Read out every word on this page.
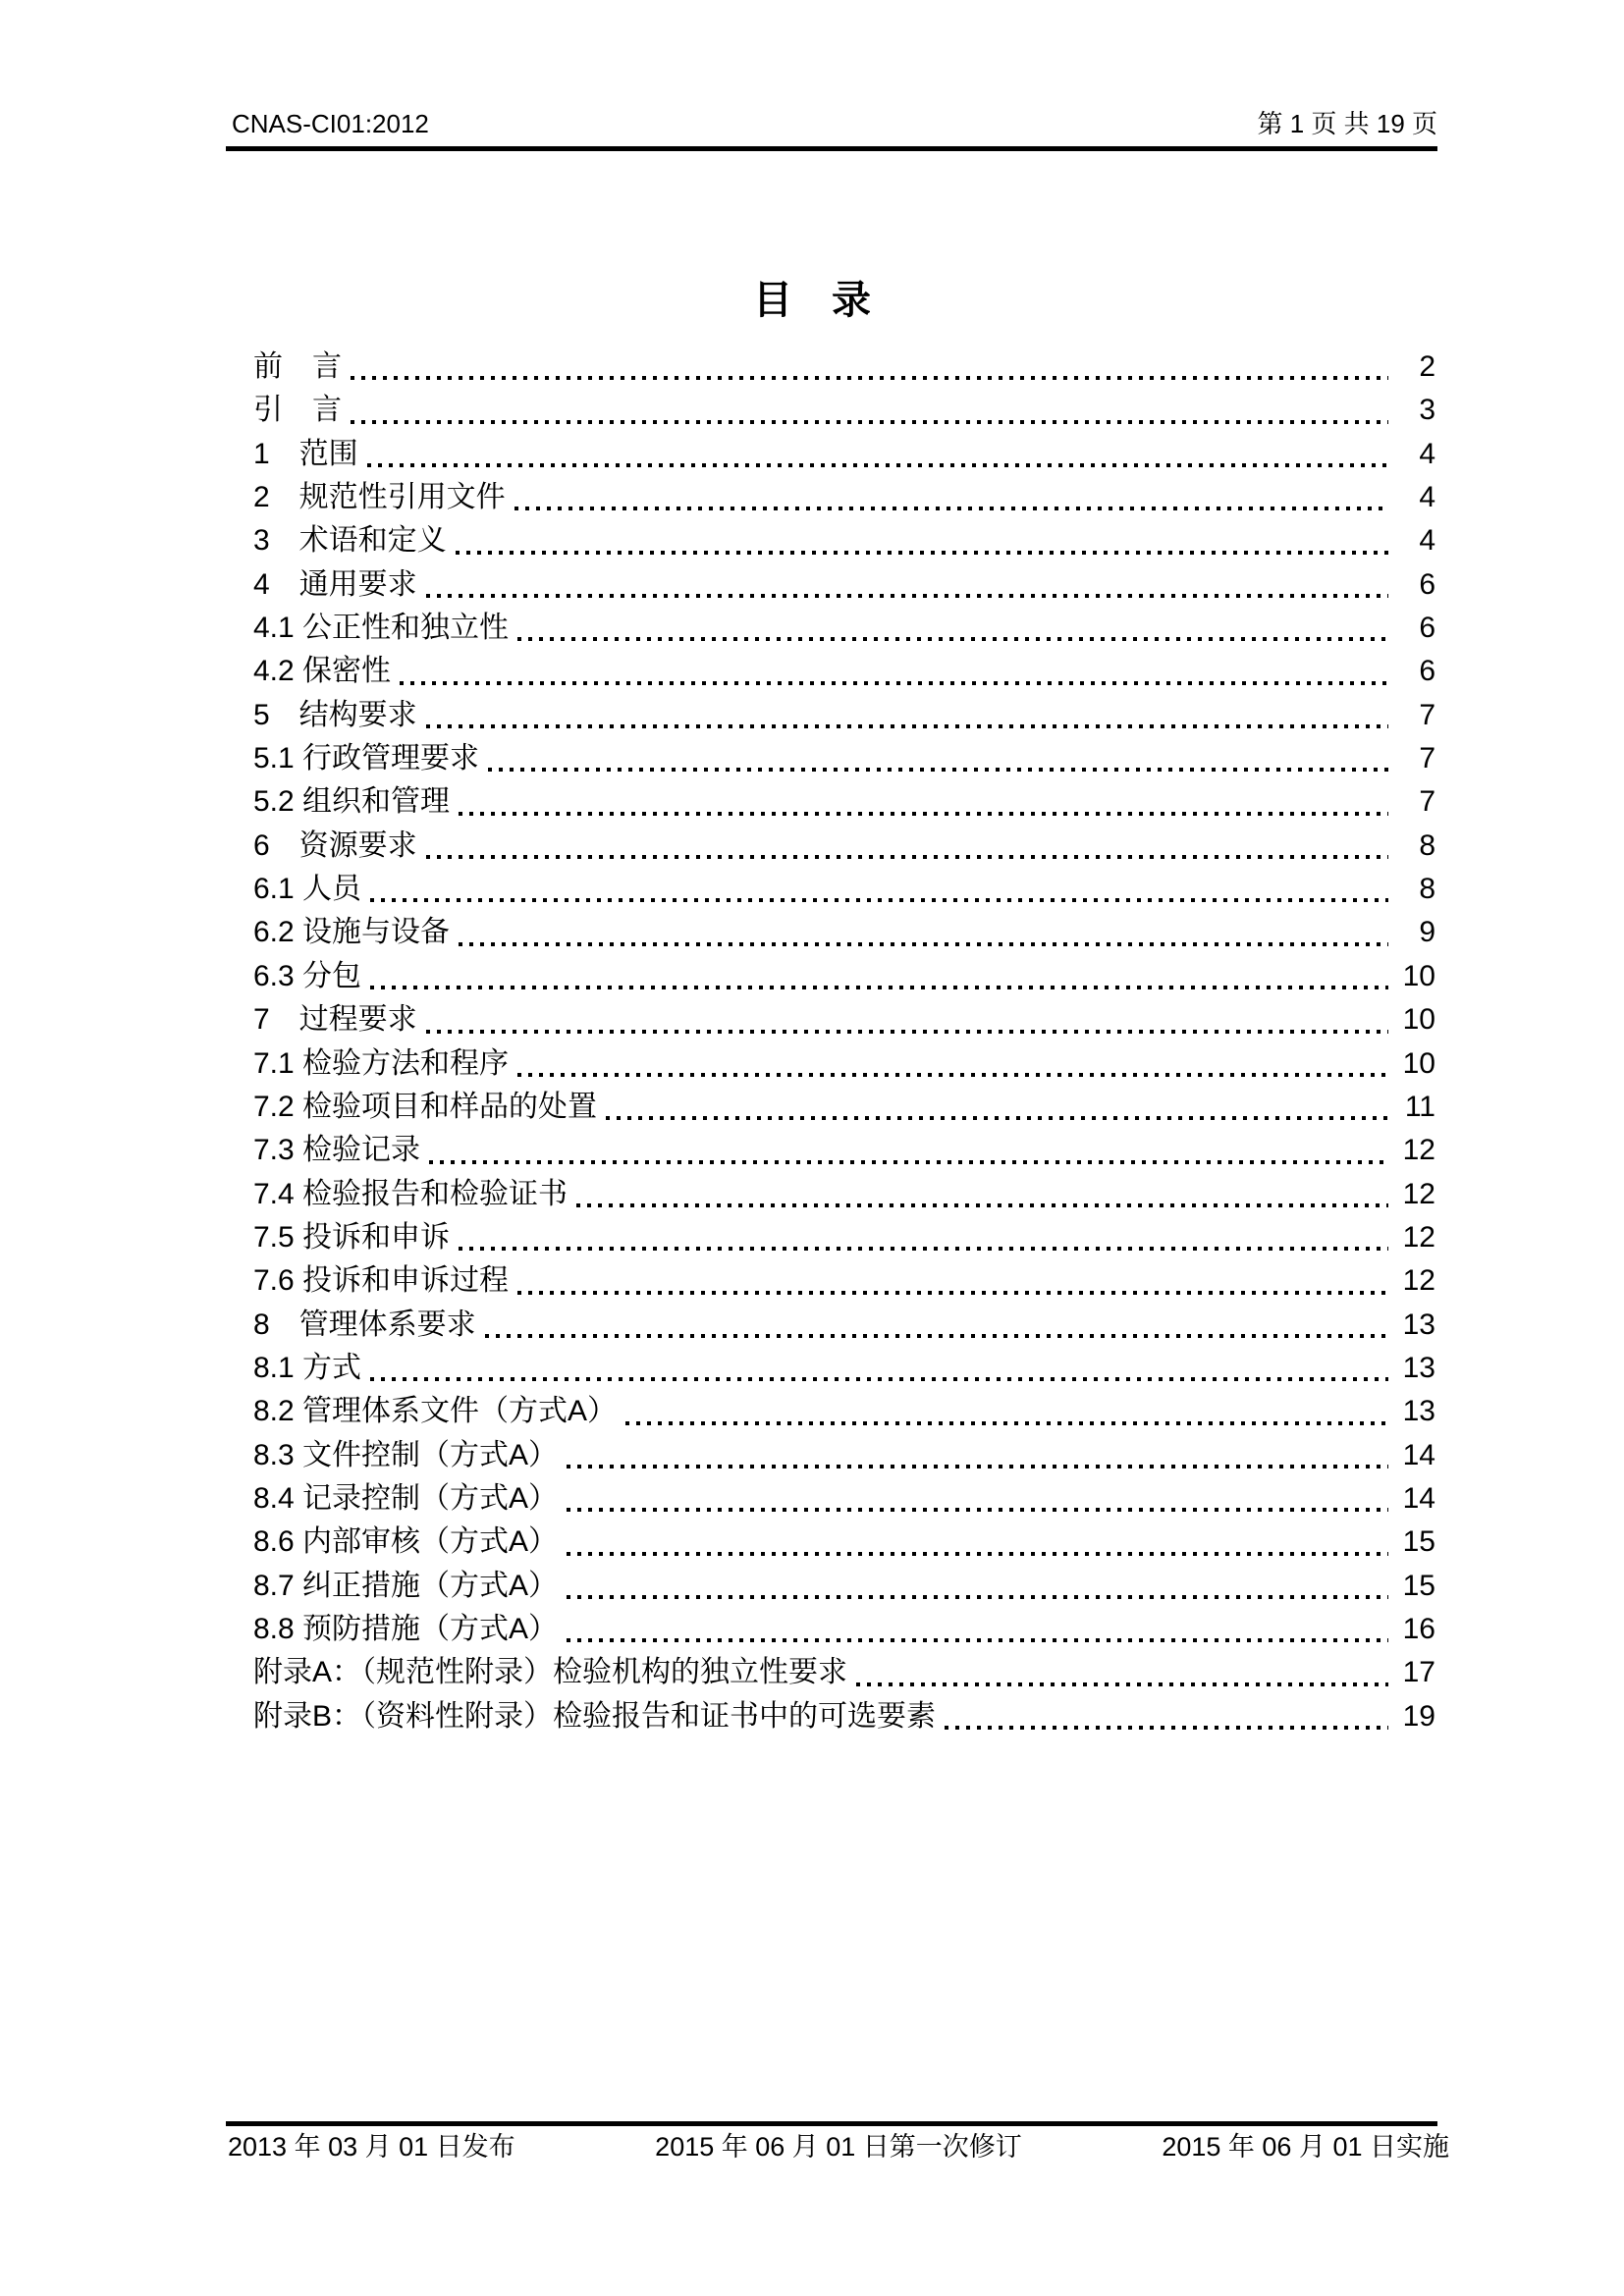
CNAS-CI01:2012	第 1 页 共 19 页
目　录
前　言	2
引　言	3
1　范围	4
2　规范性引用文件	4
3　术语和定义	4
4　通用要求	6
4.1 公正性和独立性	6
4.2 保密性	6
5　结构要求	7
5.1 行政管理要求	7
5.2 组织和管理	7
6　资源要求	8
6.1 人员	8
6.2 设施与设备	9
6.3 分包	10
7　过程要求	10
7.1 检验方法和程序	10
7.2 检验项目和样品的处置	11
7.3 检验记录	12
7.4 检验报告和检验证书	12
7.5 投诉和申诉	12
7.6 投诉和申诉过程	12
8　管理体系要求	13
8.1 方式	13
8.2 管理体系文件（方式A）	13
8.3 文件控制（方式A）	14
8.4 记录控制（方式A）	14
8.6 内部审核（方式A）	15
8.7 纠正措施（方式A）	15
8.8 预防措施（方式A）	16
附录A：（规范性附录）检验机构的独立性要求	17
附录B：（资料性附录）检验报告和证书中的可选要素	19
2013 年 03 月 01 日发布	2015 年 06 月 01 日第一次修订	2015 年 06 月 01 日实施
